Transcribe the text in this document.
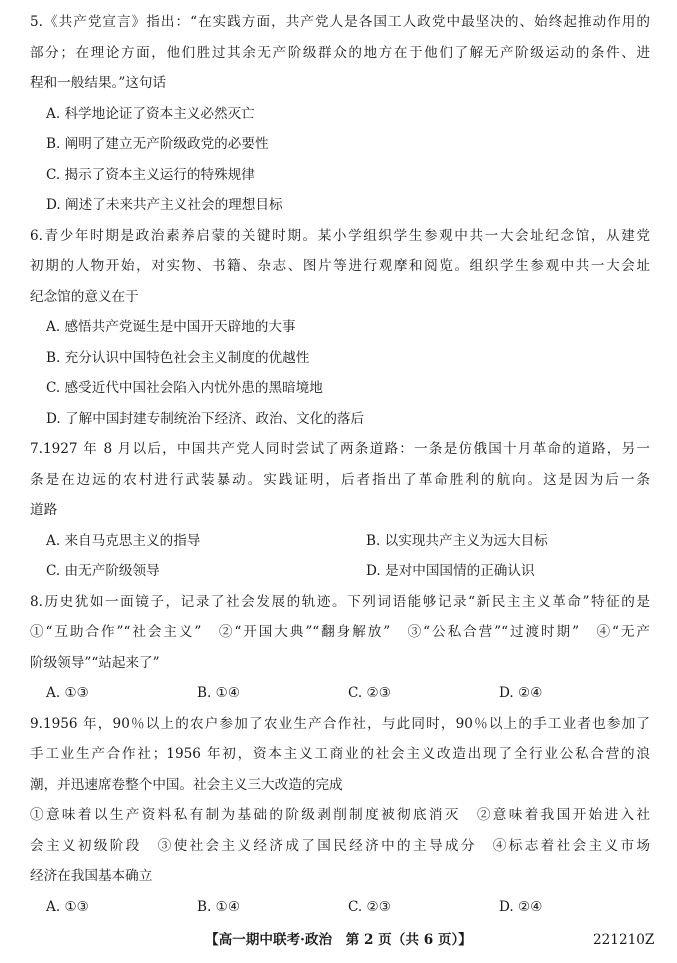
5.《共产党宣言》指出：“在实践方面，共产党人是各国工人政党中最坚决的、始终起推动作用的
部分；在理论方面，他们胜过其余无产阶级群众的地方在于他们了解无产阶级运动的条件、进
程和一般结果。”这句话
A. 科学地论证了资本主义必然灭亡
B. 阐明了建立无产阶级政党的必要性
C. 揭示了资本主义运行的特殊规律
D. 阐述了未来共产主义社会的理想目标
6.青少年时期是政治素养启蒙的关键时期。某小学组织学生参观中共一大会址纪念馆，从建党
初期的人物开始，对实物、书籍、杂志、图片等进行观摩和阅览。组织学生参观中共一大会址
纪念馆的意义在于
A. 感悟共产党诞生是中国开天辟地的大事
B. 充分认识中国特色社会主义制度的优越性
C. 感受近代中国社会陷入内忧外患的黑暗境地
D. 了解中国封建专制统治下经济、政治、文化的落后
7.1927 年 8 月以后，中国共产党人同时尝试了两条道路：一条是仿俄国十月革命的道路，另一
条是在边远的农村进行武装暴动。实践证明，后者指出了革命胜利的航向。这是因为后一条
道路
A. 来自马克思主义的指导	B. 以实现共产主义为远大目标
C. 由无产阶级领导	D. 是对中国国情的正确认识
8.历史犹如一面镜子，记录了社会发展的轨迹。下列词语能够记录“新民主主义革命”特征的是
①“互助合作”“社会主义”　②“开国大典”“翻身解放”　③“公私合营”“过渡时期”　④“无产
阶级领导”“站起来了”
A. ①③	B. ①④	C. ②③	D. ②④
9.1956 年，90％以上的农户参加了农业生产合作社，与此同时，90％以上的手工业者也参加了
手工业生产合作社；1956 年初，资本主义工商业的社会主义改造出现了全行业公私合营的浪
潮，并迅速席卷整个中国。社会主义三大改造的完成
①意味着以生产资料私有制为基础的阶级剥削制度被彻底消灭　②意味着我国开始进入社
会主义初级阶段　③使社会主义经济成了国民经济中的主导成分　④标志着社会主义市场
经济在我国基本确立
A. ①③	B. ①④	C. ②③	D. ②④
【高一期中联考·政治　第 2 页（共 6 页）】	221210Z
